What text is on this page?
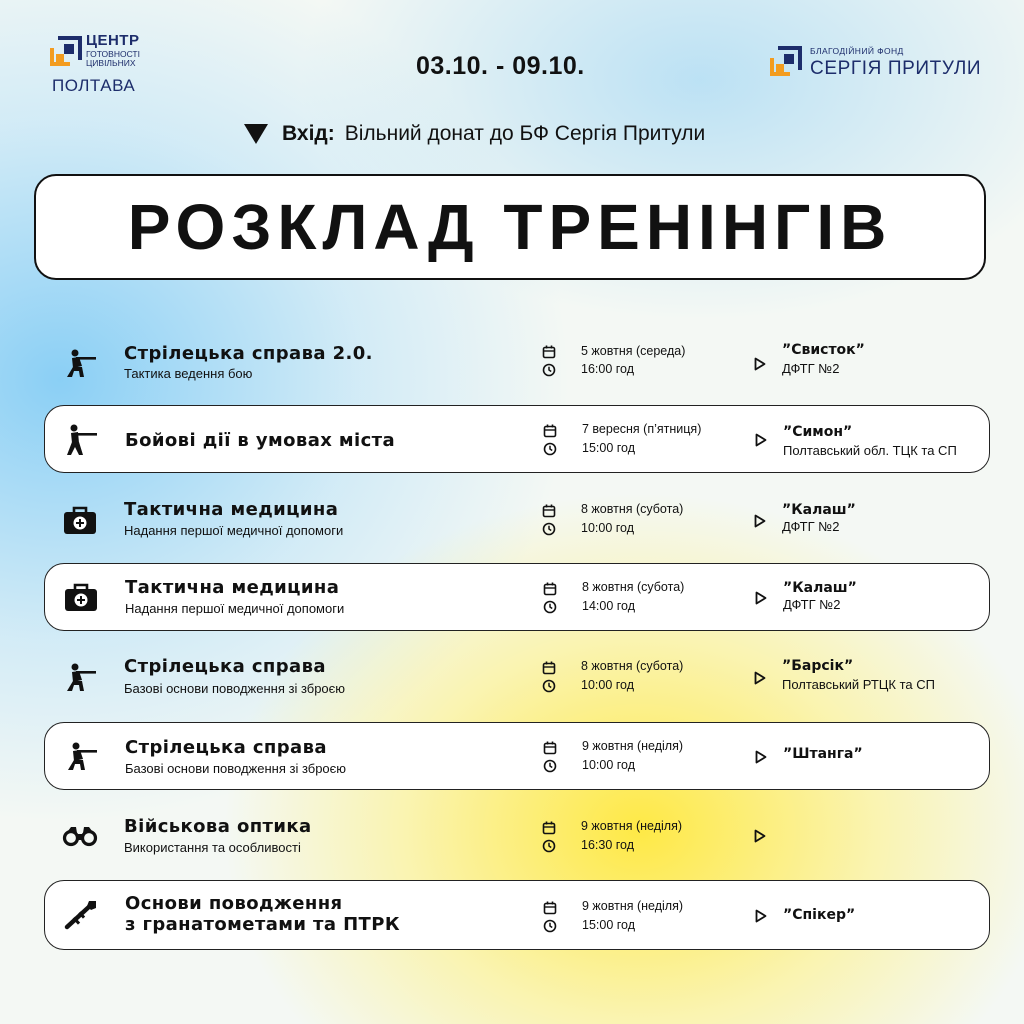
ЦЕНТР
ГОТОВНОСТІ ЦИВІЛЬНИХ
ПОЛТАВА
03.10. - 09.10.
БЛАГОДІЙНИЙ ФОНД
СЕРГІЯ ПРИТУЛИ
Вхід: Вільний донат до БФ Сергія Притули
РОЗКЛАД ТРЕНІНГІВ
Стрілецька справа 2.0.
Тактика ведення бою
5 жовтня (середа)
16:00 год
”Свисток”
ДФТГ №2
Бойові дії в умовах міста
7 вересня (п’ятниця)
15:00 год
”Симон”
Полтавський обл. ТЦК та СП
Тактична медицина
Надання першої медичної допомоги
8 жовтня (субота)
10:00 год
”Калаш”
ДФТГ №2
Тактична медицина
Надання першої медичної допомоги
8 жовтня (субота)
14:00 год
”Калаш”
ДФТГ №2
Стрілецька справа
Базові основи поводження зі зброєю
8 жовтня (субота)
10:00 год
”Барсік”
Полтавський РТЦК та СП
Стрілецька справа
Базові основи поводження зі зброєю
9 жовтня (неділя)
10:00 год
”Штанга”
Військова оптика
Використання та особливості
9 жовтня (неділя)
16:30 год
Основи поводження
з гранатометами та ПТРК
9 жовтня (неділя)
15:00 год
”Спікер”
